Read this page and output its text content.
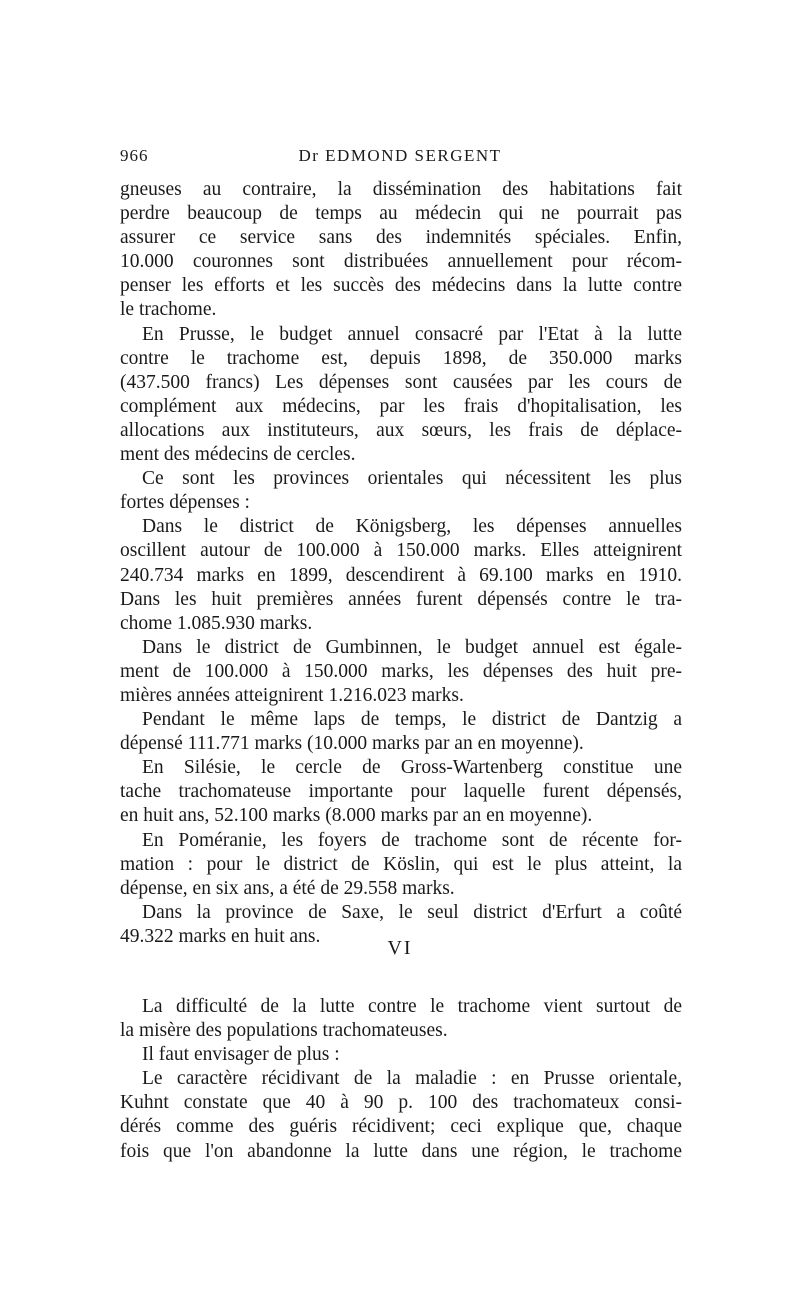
966	Dr EDMOND SERGENT
gneuses au contraire, la dissémination des habitations fait
perdre beaucoup de temps au médecin qui ne pourrait pas
assurer ce service sans des indemnités spéciales. Enfin,
10.000 couronnes sont distribuées annuellement pour récom-
penser les efforts et les succès des médecins dans la lutte contre
le trachome.
En Prusse, le budget annuel consacré par l'Etat à la lutte
contre le trachome est, depuis 1898, de 350.000 marks
(437.500 francs) Les dépenses sont causées par les cours de
complément aux médecins, par les frais d'hopitalisation, les
allocations aux instituteurs, aux sœurs, les frais de déplace-
ment des médecins de cercles.
Ce sont les provinces orientales qui nécessitent les plus
fortes dépenses :
Dans le district de Königsberg, les dépenses annuelles
oscillent autour de 100.000 à 150.000 marks. Elles atteignirent
240.734 marks en 1899, descendirent à 69.100 marks en 1910.
Dans les huit premières années furent dépensés contre le tra-
chome 1.085.930 marks.
Dans le district de Gumbinnen, le budget annuel est égale-
ment de 100.000 à 150.000 marks, les dépenses des huit pre-
mières années atteignirent 1.216.023 marks.
Pendant le même laps de temps, le district de Dantzig a
dépensé 111.771 marks (10.000 marks par an en moyenne).
En Silésie, le cercle de Gross-Wartenberg constitue une
tache trachomateuse importante pour laquelle furent dépensés,
en huit ans, 52.100 marks (8.000 marks par an en moyenne).
En Poméranie, les foyers de trachome sont de récente for-
mation : pour le district de Köslin, qui est le plus atteint, la
dépense, en six ans, a été de 29.558 marks.
Dans la province de Saxe, le seul district d'Erfurt a coûté
49.322 marks en huit ans.
VI
La difficulté de la lutte contre le trachome vient surtout de
la misère des populations trachomateuses.
Il faut envisager de plus :
Le caractère récidivant de la maladie : en Prusse orientale,
Kuhnt constate que 40 à 90 p. 100 des trachomateux consi-
dérés comme des guéris récidivent; ceci explique que, chaque
fois que l'on abandonne la lutte dans une région, le trachome
